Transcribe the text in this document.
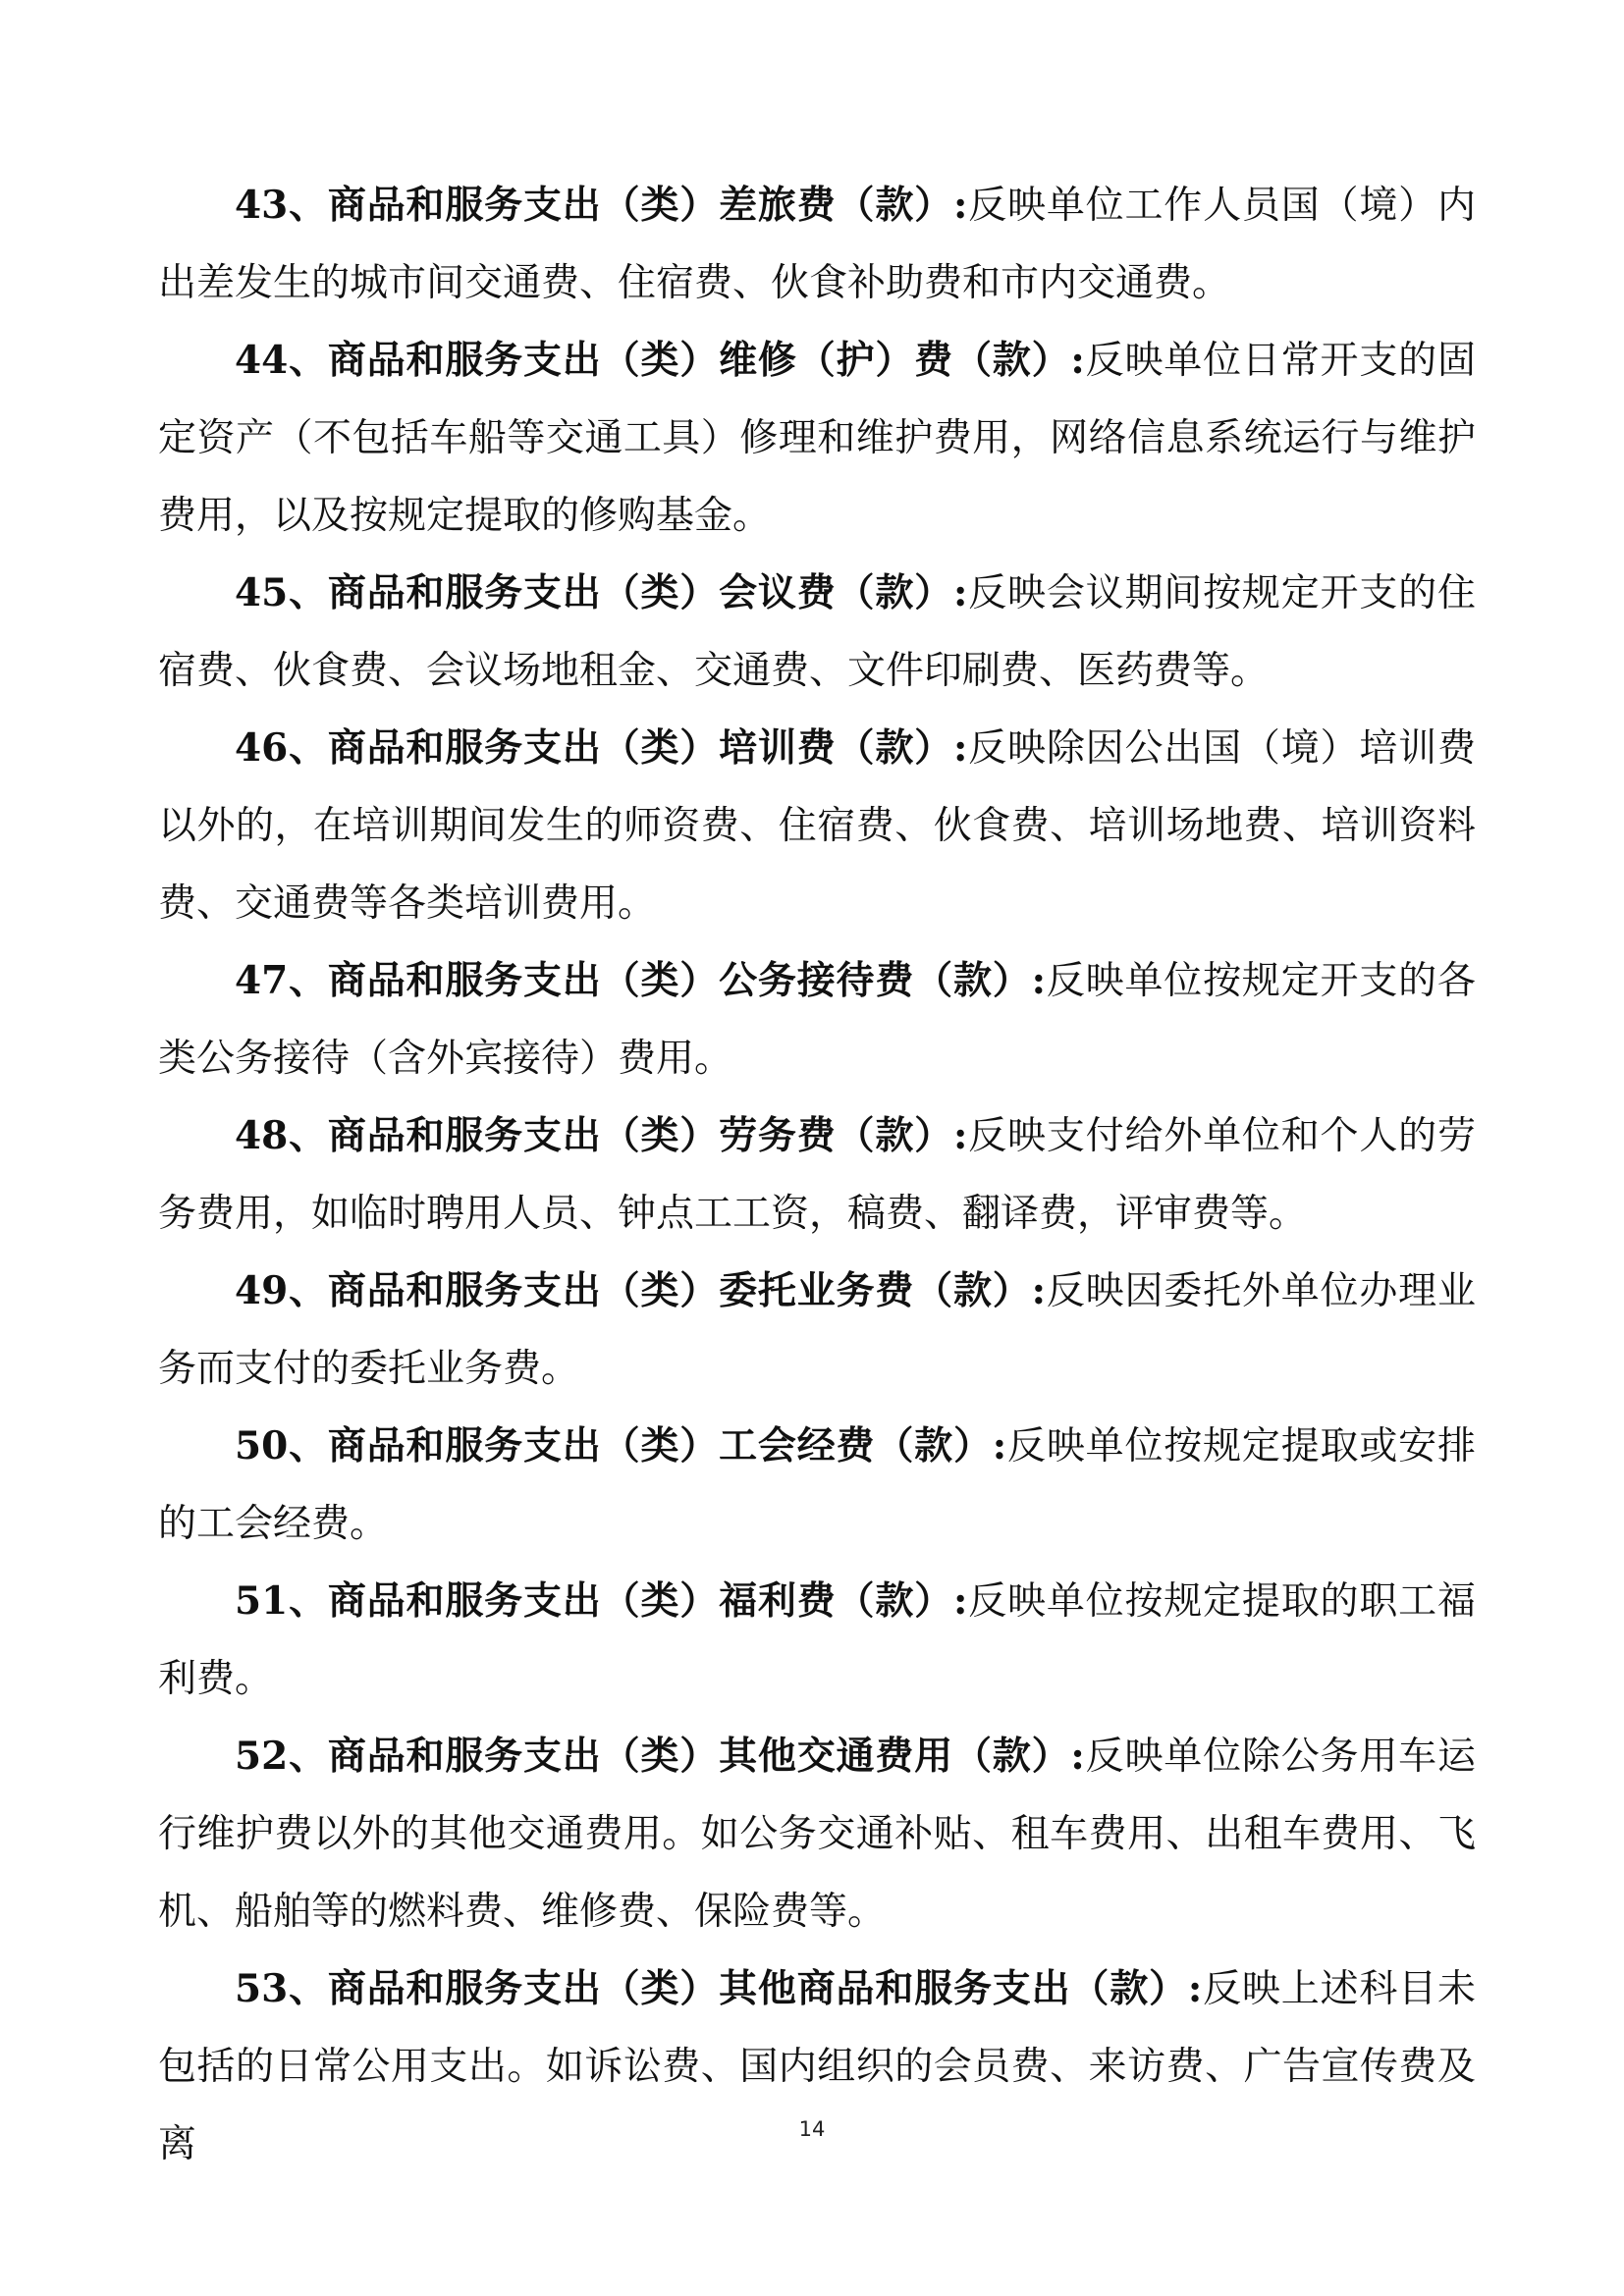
43、商品和服务支出（类）差旅费（款）:反映单位工作人员国（境）内出差发生的城市间交通费、住宿费、伙食补助费和市内交通费。

44、商品和服务支出（类）维修（护）费（款）:反映单位日常开支的固定资产（不包括车船等交通工具）修理和维护费用，网络信息系统运行与维护费用，以及按规定提取的修购基金。

45、商品和服务支出（类）会议费（款）:反映会议期间按规定开支的住宿费、伙食费、会议场地租金、交通费、文件印刷费、医药费等。

46、商品和服务支出（类）培训费（款）:反映除因公出国（境）培训费以外的，在培训期间发生的师资费、住宿费、伙食费、培训场地费、培训资料费、交通费等各类培训费用。

47、商品和服务支出（类）公务接待费（款）:反映单位按规定开支的各类公务接待（含外宾接待）费用。

48、商品和服务支出（类）劳务费（款）:反映支付给外单位和个人的劳务费用，如临时聘用人员、钟点工工资，稿费、翻译费，评审费等。

49、商品和服务支出（类）委托业务费（款）:反映因委托外单位办理业务而支付的委托业务费。

50、商品和服务支出（类）工会经费（款）:反映单位按规定提取或安排的工会经费。

51、商品和服务支出（类）福利费（款）:反映单位按规定提取的职工福利费。

52、商品和服务支出（类）其他交通费用（款）:反映单位除公务用车运行维护费以外的其他交通费用。如公务交通补贴、租车费用、出租车费用、飞机、船舶等的燃料费、维修费、保险费等。

53、商品和服务支出（类）其他商品和服务支出（款）:反映上述科目未包括的日常公用支出。如诉讼费、国内组织的会员费、来访费、广告宣传费及离	14
